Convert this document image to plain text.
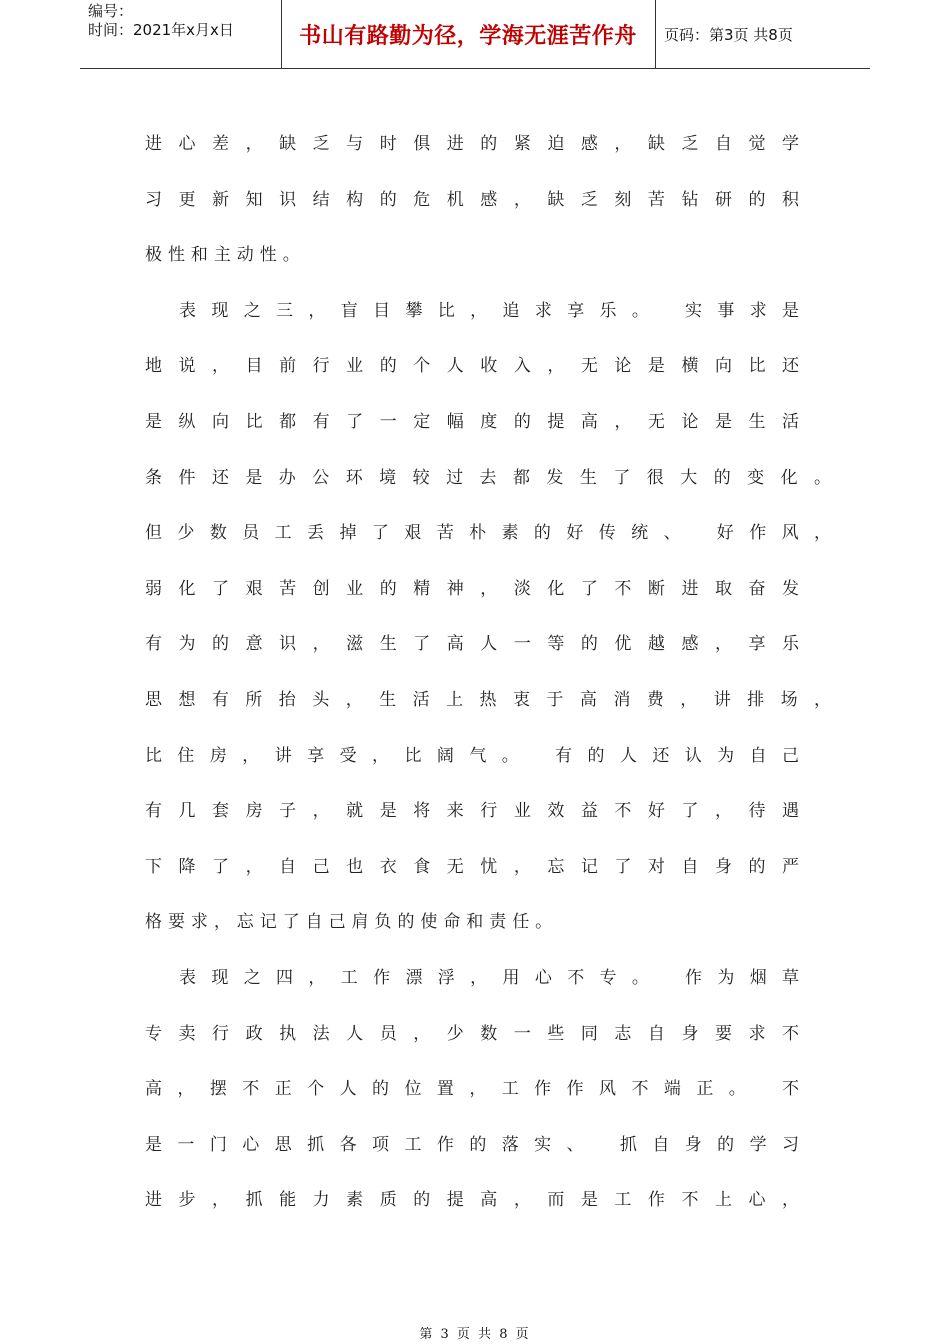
编号：
时间：2021年x月x日	书山有路勤为径，学海无涯苦作舟	页码：第3页 共8页
进心差，缺乏与时俱进的紧迫感，缺乏自觉学
习更新知识结构的危机感，缺乏刻苦钻研的积
极性和主动性。
表现之三，盲目攀比，追求享乐。 实事求是
地说，目前行业的个人收入，无论是横向比还
是纵向比都有了一定幅度的提高，无论是生活
条件还是办公环境较过去都发生了很大的变化。
但少数员工丢掉了艰苦朴素的好传统、 好作风，
弱化了艰苦创业的精神，淡化了不断进取奋发
有为的意识，滋生了高人一等的优越感，享乐
思想有所抬头，生活上热衷于高消费，讲排场，
比住房，讲享受，比阔气。 有的人还认为自己
有几套房子，就是将来行业效益不好了，待遇
下降了，自己也衣食无忧，忘记了对自身的严
格要求，忘记了自己肩负的使命和责任。
表现之四，工作漂浮，用心不专。 作为烟草
专卖行政执法人员，少数一些同志自身要求不
高，摆不正个人的位置，工作作风不端正。 不
是一门心思抓各项工作的落实、 抓自身的学习
进步，抓能力素质的提高，而是工作不上心，
第 3 页 共 8 页
